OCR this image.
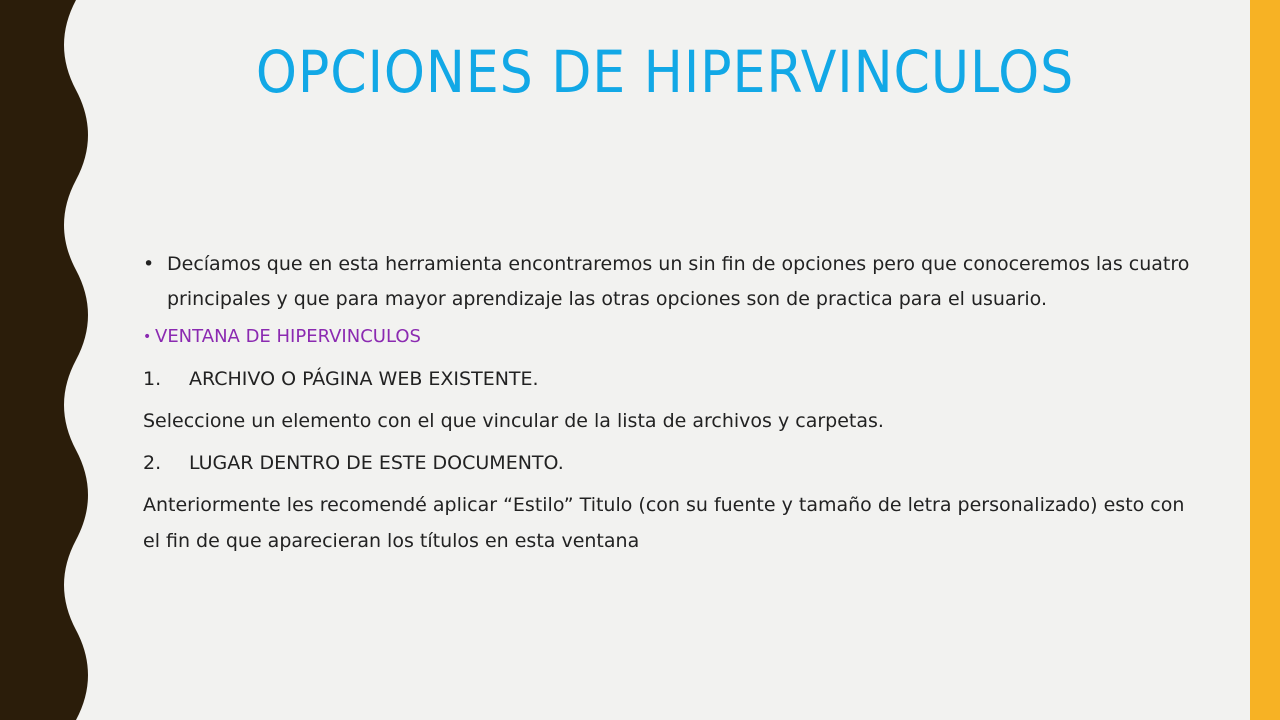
OPCIONES DE HIPERVINCULOS

• Decíamos que en esta herramienta encontraremos un sin fin de opciones pero que conoceremos las cuatro principales y que para mayor aprendizaje las otras opciones son de practica para el usuario.

• VENTANA DE HIPERVINCULOS

1. ARCHIVO O PÁGINA WEB EXISTENTE.

Seleccione un elemento con el que vincular de la lista de archivos y carpetas.

2. LUGAR DENTRO DE ESTE DOCUMENTO.

Anteriormente les recomendé aplicar “Estilo” Titulo (con su fuente y tamaño de letra personalizado) esto con el fin de que aparecieran los títulos en esta ventana
